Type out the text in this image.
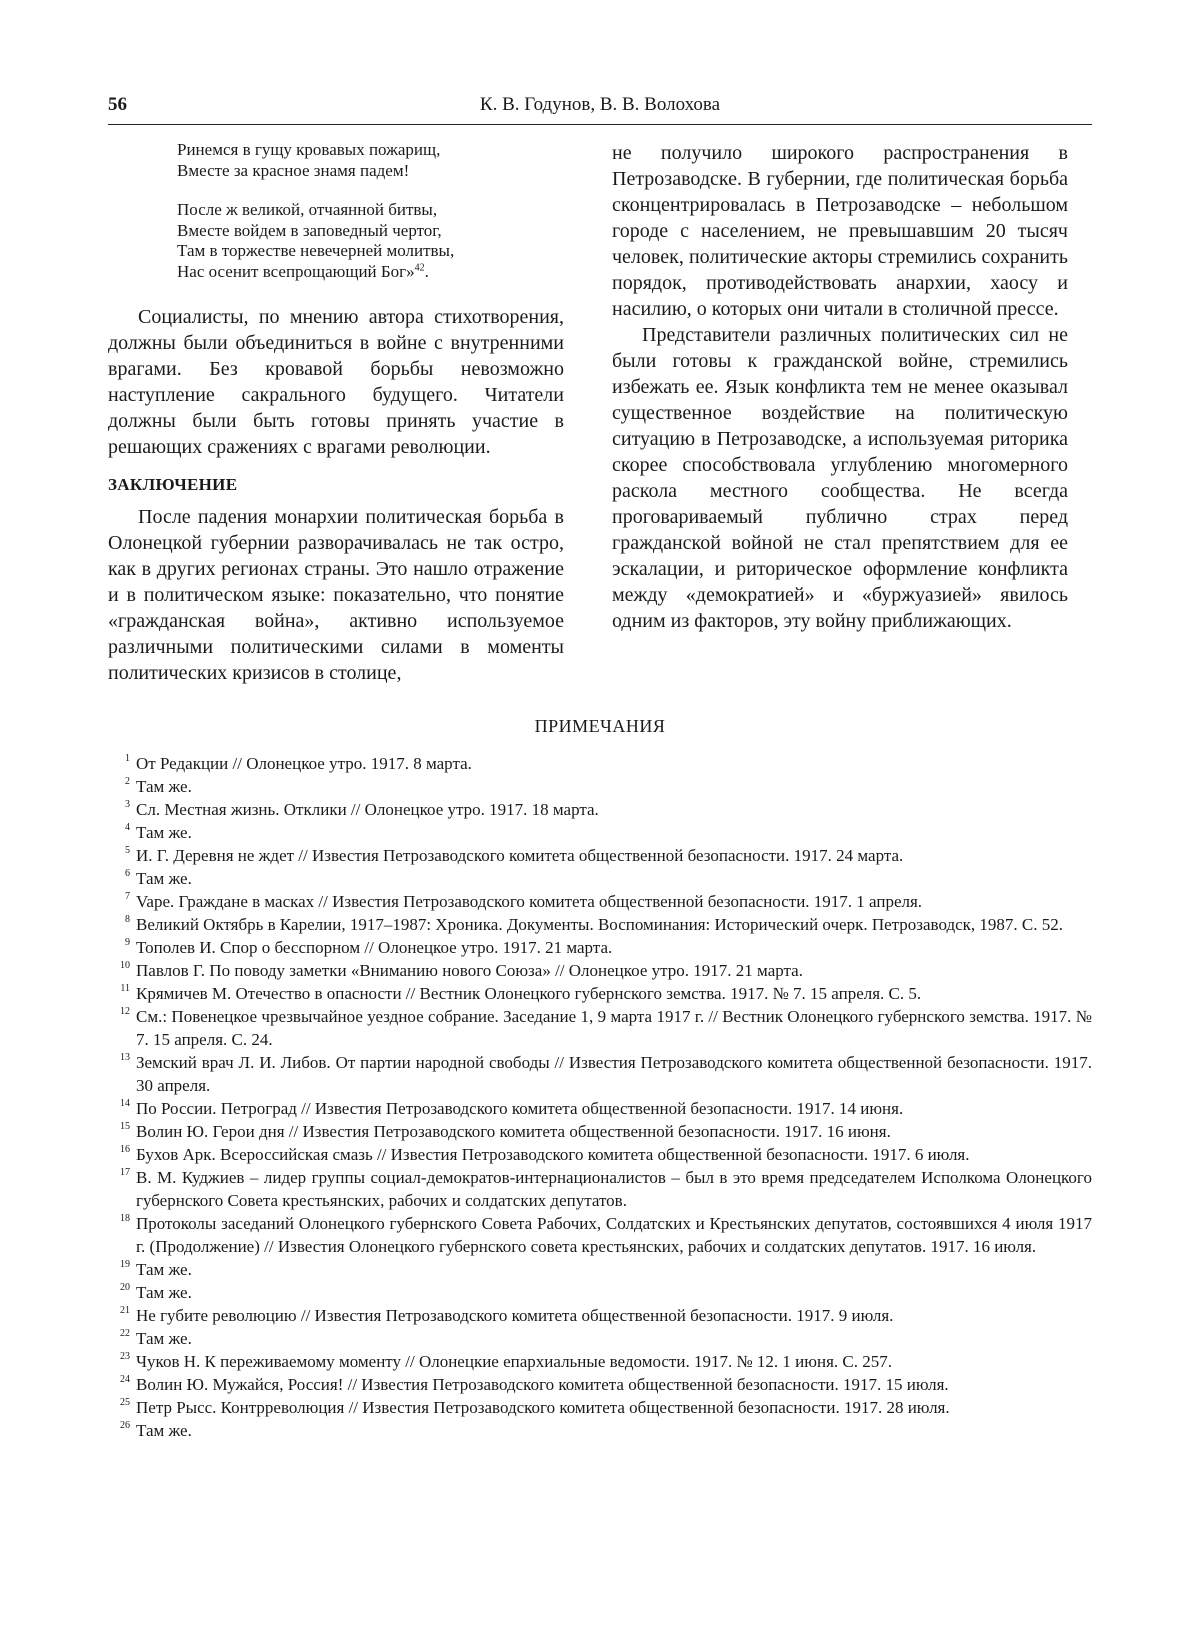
56	К. В. Годунов, В. В. Волохова

Ринемся в гущу кровавых пожарищ,
Вместе за красное знамя падем!

После ж великой, отчаянной битвы,
Вместе войдем в заповедный чертог,
Там в торжестве невечерней молитвы,
Нас осенит всепрощающий Бог»$^{42}$.

Социалисты, по мнению автора стихотворения, должны были объединиться в войне с внутренними врагами. Без кровавой борьбы невозможно наступление сакрального будущего. Читатели должны были быть готовы принять участие в решающих сражениях с врагами революции.

ЗАКЛЮЧЕНИЕ

После падения монархии политическая борьба в Олонецкой губернии разворачивалась не так остро, как в других регионах страны. Это нашло отражение и в политическом языке: показательно, что понятие «гражданская война», активно используемое различными политическими силами в моменты политических кризисов в столице,

не получило широкого распространения в Петрозаводске. В губернии, где политическая борьба сконцентрировалась в Петрозаводске – небольшом городе с населением, не превышавшим 20 тысяч человек, политические акторы стремились сохранить порядок, противодействовать анархии, хаосу и насилию, о которых они читали в столичной прессе.

Представители различных политических сил не были готовы к гражданской войне, стремились избежать ее. Язык конфликта тем не менее оказывал существенное воздействие на политическую ситуацию в Петрозаводске, а используемая риторика скорее способствовала углублению многомерного раскола местного сообщества. Не всегда проговариваемый публично страх перед гражданской войной не стал препятствием для ее эскалации, и риторическое оформление конфликта между «демократией» и «буржуазией» явилось одним из факторов, эту войну приближающих.

ПРИМЕЧАНИЯ
1 От Редакции // Олонецкое утро. 1917. 8 марта.
2 Там же.
3 Сл. Местная жизнь. Отклики // Олонецкое утро. 1917. 18 марта.
4 Там же.
5 И. Г. Деревня не ждет // Известия Петрозаводского комитета общественной безопасности. 1917. 24 марта.
6 Там же.
7 Vape. Граждане в масках // Известия Петрозаводского комитета общественной безопасности. 1917. 1 апреля.
8 Великий Октябрь в Карелии, 1917–1987: Хроника. Документы. Воспоминания: Исторический очерк. Петрозаводск, 1987. С. 52.
9 Тополев И. Спор о бесспорном // Олонецкое утро. 1917. 21 марта.
10 Павлов Г. По поводу заметки «Вниманию нового Союза» // Олонецкое утро. 1917. 21 марта.
11 Крямичев М. Отечество в опасности // Вестник Олонецкого губернского земства. 1917. № 7. 15 апреля. С. 5.
12 См.: Повенецкое чрезвычайное уездное собрание. Заседание 1, 9 марта 1917 г. // Вестник Олонецкого губернского земства. 1917. № 7. 15 апреля. С. 24.
13 Земский врач Л. И. Либов. От партии народной свободы // Известия Петрозаводского комитета общественной безопасности. 1917. 30 апреля.
14 По России. Петроград // Известия Петрозаводского комитета общественной безопасности. 1917. 14 июня.
15 Волин Ю. Герои дня // Известия Петрозаводского комитета общественной безопасности. 1917. 16 июня.
16 Бухов Арк. Всероссийская смазь // Известия Петрозаводского комитета общественной безопасности. 1917. 6 июля.
17 В. М. Куджиев – лидер группы социал-демократов-интернационалистов – был в это время председателем Исполкома Олонецкого губернского Совета крестьянских, рабочих и солдатских депутатов.
18 Протоколы заседаний Олонецкого губернского Совета Рабочих, Солдатских и Крестьянских депутатов, состоявшихся 4 июля 1917 г. (Продолжение) // Известия Олонецкого губернского совета крестьянских, рабочих и солдатских депутатов. 1917. 16 июля.
19 Там же.
20 Там же.
21 Не губите революцию // Известия Петрозаводского комитета общественной безопасности. 1917. 9 июля.
22 Там же.
23 Чуков Н. К переживаемому моменту // Олонецкие епархиальные ведомости. 1917. № 12. 1 июня. С. 257.
24 Волин Ю. Мужайся, Россия! // Известия Петрозаводского комитета общественной безопасности. 1917. 15 июля.
25 Петр Рысс. Контрреволюция // Известия Петрозаводского комитета общественной безопасности. 1917. 28 июля.
26 Там же.
